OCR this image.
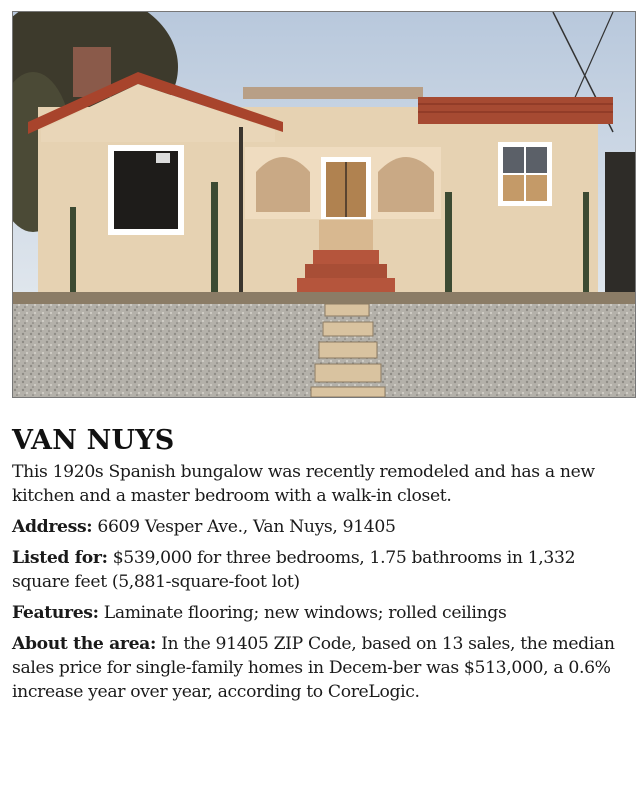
VAN NUYS

This 1920s Spanish bungalow was recently remodeled and has a new kitchen and a master bedroom with a walk-in closet.

Address: 6609 Vesper Ave., Van Nuys, 91405

Listed for: $539,000 for three bedrooms, 1.75 bathrooms in 1,332 square feet (5,881-square-foot lot)

Features: Laminate flooring; new windows; rolled ceilings

About the area: In the 91405 ZIP Code, based on 13 sales, the median sales price for single-family homes in Decem-ber was $513,000, a 0.6% increase year over year, according to CoreLogic.
